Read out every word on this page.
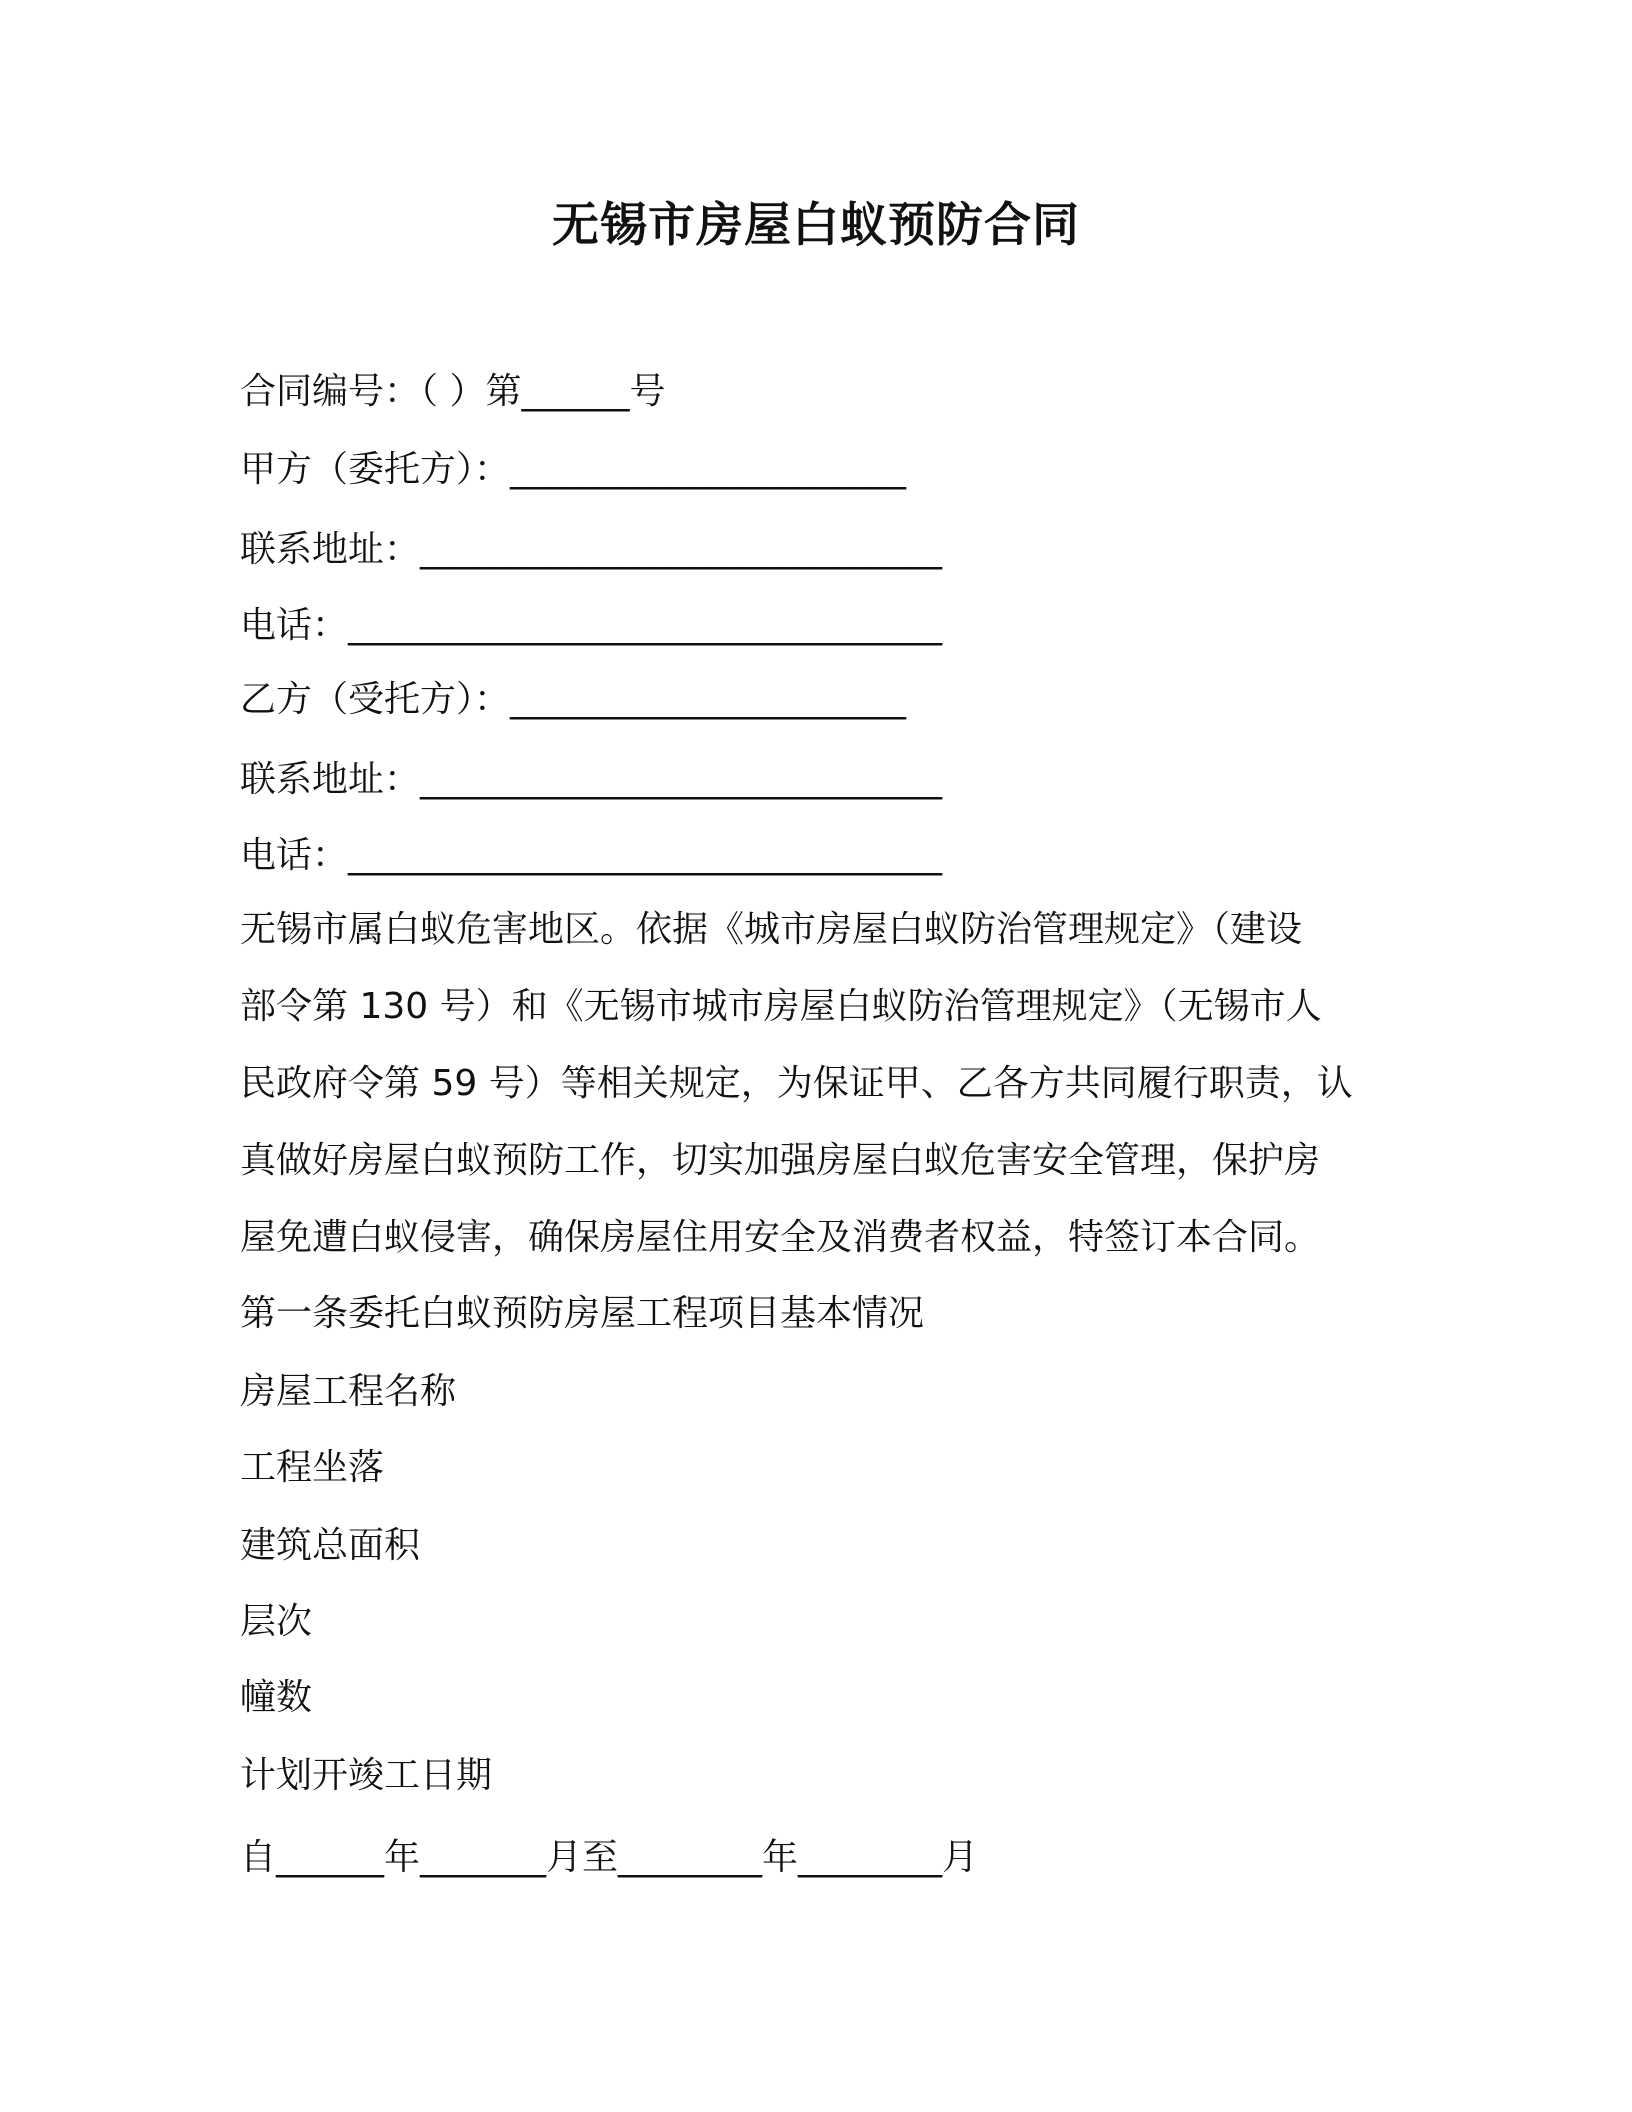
无锡市房屋白蚁预防合同
合同编号：（ ）第______号
甲方（委托方）：______________________
联系地址：_____________________________
电话：_________________________________
乙方（受托方）：______________________
联系地址：_____________________________
电话：_________________________________
无锡市属白蚁危害地区。依据《城市房屋白蚁防治管理规定》（建设
部令第 130 号）和《无锡市城市房屋白蚁防治管理规定》（无锡市人
民政府令第 59 号）等相关规定，为保证甲、乙各方共同履行职责，认
真做好房屋白蚁预防工作，切实加强房屋白蚁危害安全管理，保护房
屋免遭白蚁侵害，确保房屋住用安全及消费者权益，特签订本合同。
第一条委托白蚁预防房屋工程项目基本情况
房屋工程名称
工程坐落
建筑总面积
层次
幢数
计划开竣工日期
自______年_______月至________年________月
